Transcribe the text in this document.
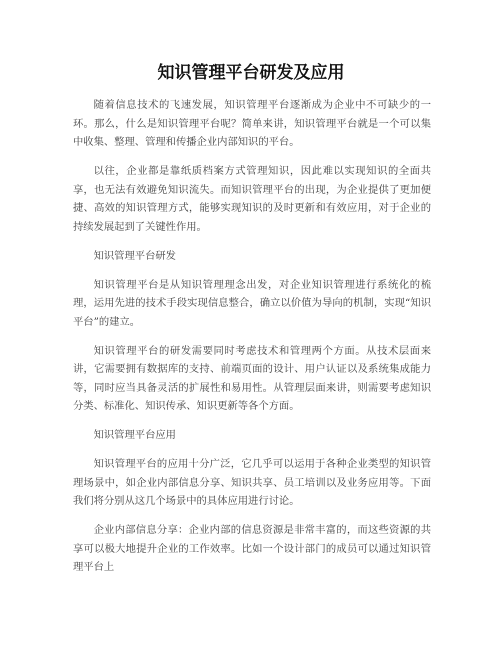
知识管理平台研发及应用

随着信息技术的飞速发展，知识管理平台逐渐成为企业中不可缺少的一环。那么，什么是知识管理平台呢？简单来讲，知识管理平台就是一个可以集中收集、整理、管理和传播企业内部知识的平台。

以往，企业都是靠纸质档案方式管理知识，因此难以实现知识的全面共享，也无法有效避免知识流失。而知识管理平台的出现，为企业提供了更加便捷、高效的知识管理方式，能够实现知识的及时更新和有效应用，对于企业的持续发展起到了关键性作用。

知识管理平台研发

知识管理平台是从知识管理理念出发，对企业知识管理进行系统化的梳理，运用先进的技术手段实现信息整合，确立以价值为导向的机制，实现“知识平台”的建立。

知识管理平台的研发需要同时考虑技术和管理两个方面。从技术层面来讲，它需要拥有数据库的支持、前端页面的设计、用户认证以及系统集成能力等，同时应当具备灵活的扩展性和易用性。从管理层面来讲，则需要考虑知识分类、标准化、知识传承、知识更新等各个方面。

知识管理平台应用

知识管理平台的应用十分广泛，它几乎可以运用于各种企业类型的知识管理场景中，如企业内部信息分享、知识共享、员工培训以及业务应用等。下面我们将分别从这几个场景中的具体应用进行讨论。

企业内部信息分享：企业内部的信息资源是非常丰富的，而这些资源的共享可以极大地提升企业的工作效率。比如一个设计部门的成员可以通过知识管理平台上
